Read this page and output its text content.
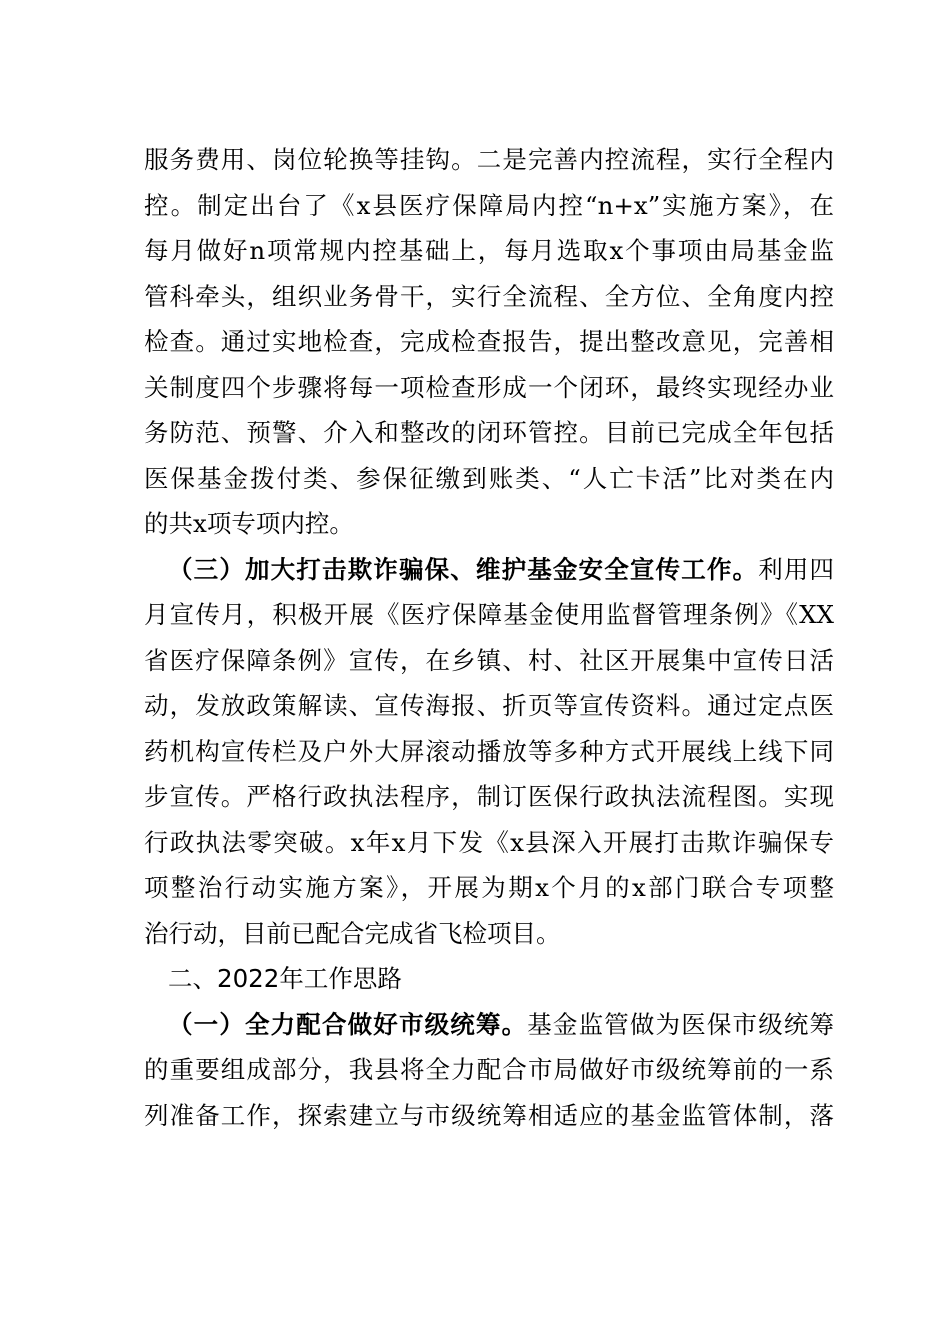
服务费用、岗位轮换等挂钩。二是完善内控流程，实行全程内
控。制定出台了《x县医疗保障局内控“n+x”实施方案》，在
每月做好n项常规内控基础上，每月选取x个事项由局基金监
管科牵头，组织业务骨干，实行全流程、全方位、全角度内控
检查。通过实地检查，完成检查报告，提出整改意见，完善相
关制度四个步骤将每一项检查形成一个闭环，最终实现经办业
务防范、预警、介入和整改的闭环管控。目前已完成全年包括
医保基金拨付类、参保征缴到账类、“人亡卡活”比对类在内
的共x项专项内控。
（三）加大打击欺诈骗保、维护基金安全宣传工作。利用四
月宣传月，积极开展《医疗保障基金使用监督管理条例》《XX
省医疗保障条例》宣传，在乡镇、村、社区开展集中宣传日活
动，发放政策解读、宣传海报、折页等宣传资料。通过定点医
药机构宣传栏及户外大屏滚动播放等多种方式开展线上线下同
步宣传。严格行政执法程序，制订医保行政执法流程图。实现
行政执法零突破。x年x月下发《x县深入开展打击欺诈骗保专
项整治行动实施方案》，开展为期x个月的x部门联合专项整
治行动，目前已配合完成省飞检项目。
二、2022年工作思路
（一）全力配合做好市级统筹。基金监管做为医保市级统筹
的重要组成部分，我县将全力配合市局做好市级统筹前的一系
列准备工作，探索建立与市级统筹相适应的基金监管体制，落
